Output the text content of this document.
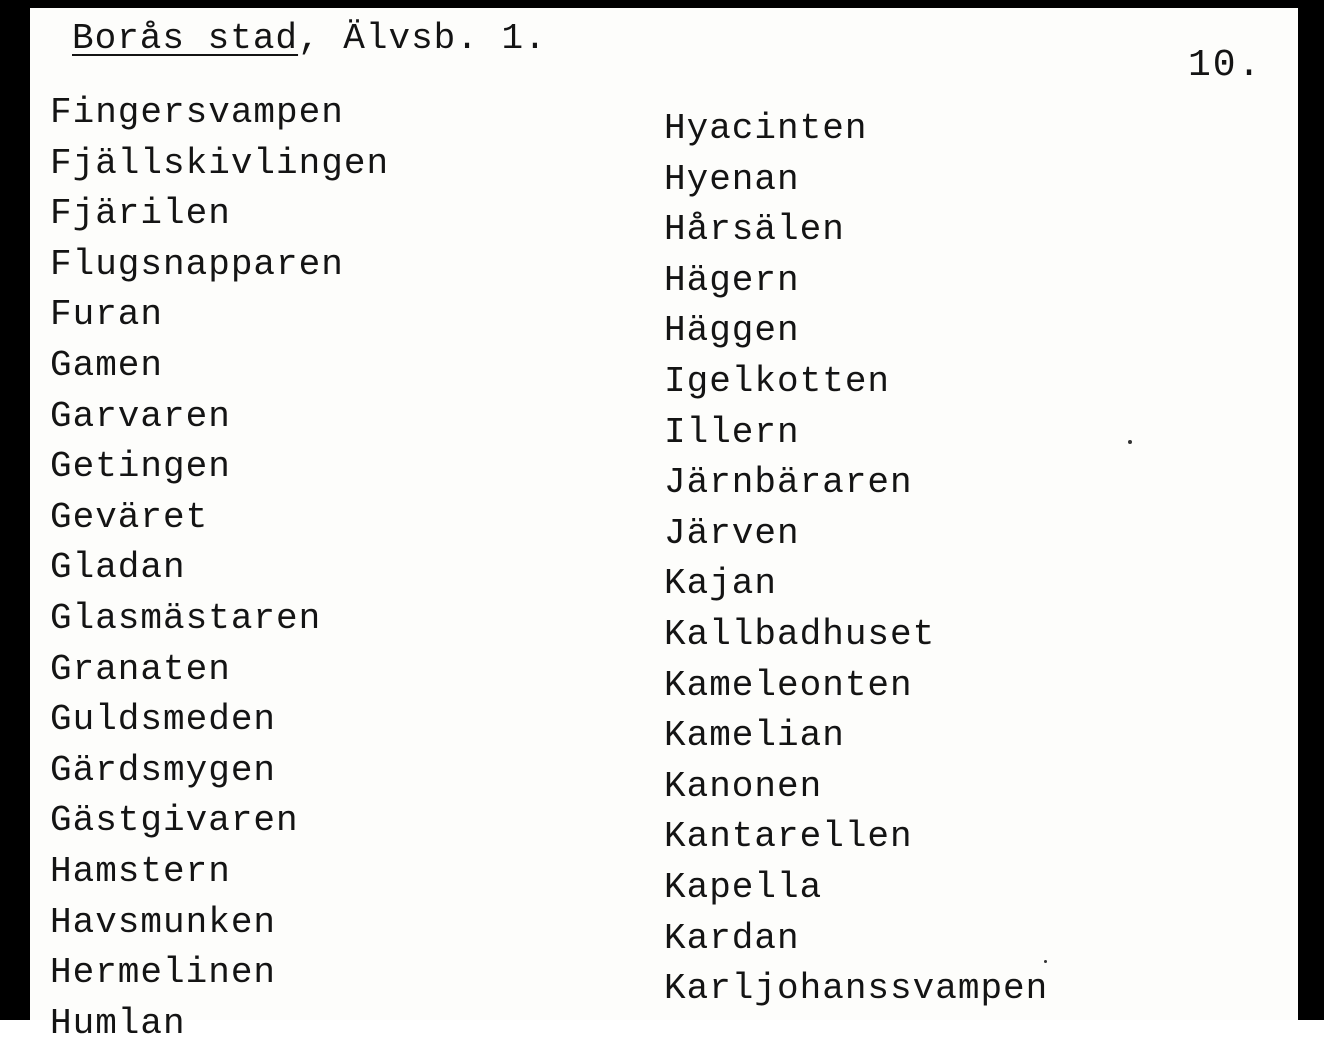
Borås stad, Älvsb. 1.
10.
Fingersvampen
Fjällskivlingen
Fjärilen
Flugsnapparen
Furan
Gamen
Garvaren
Getingen
Geväret
Gladan
Glasmästaren
Granaten
Guldsmeden
Gärdsmygen
Gästgivaren
Hamstern
Havsmunken
Hermelinen
Humlan
Hyacinten
Hyenan
Hårsälen
Hägern
Häggen
Igelkotten
Illern
Järnbäraren
Järven
Kajan
Kallbadhuset
Kameleonten
Kamelian
Kanonen
Kantarellen
Kapella
Kardan
Karljohanssvampen
